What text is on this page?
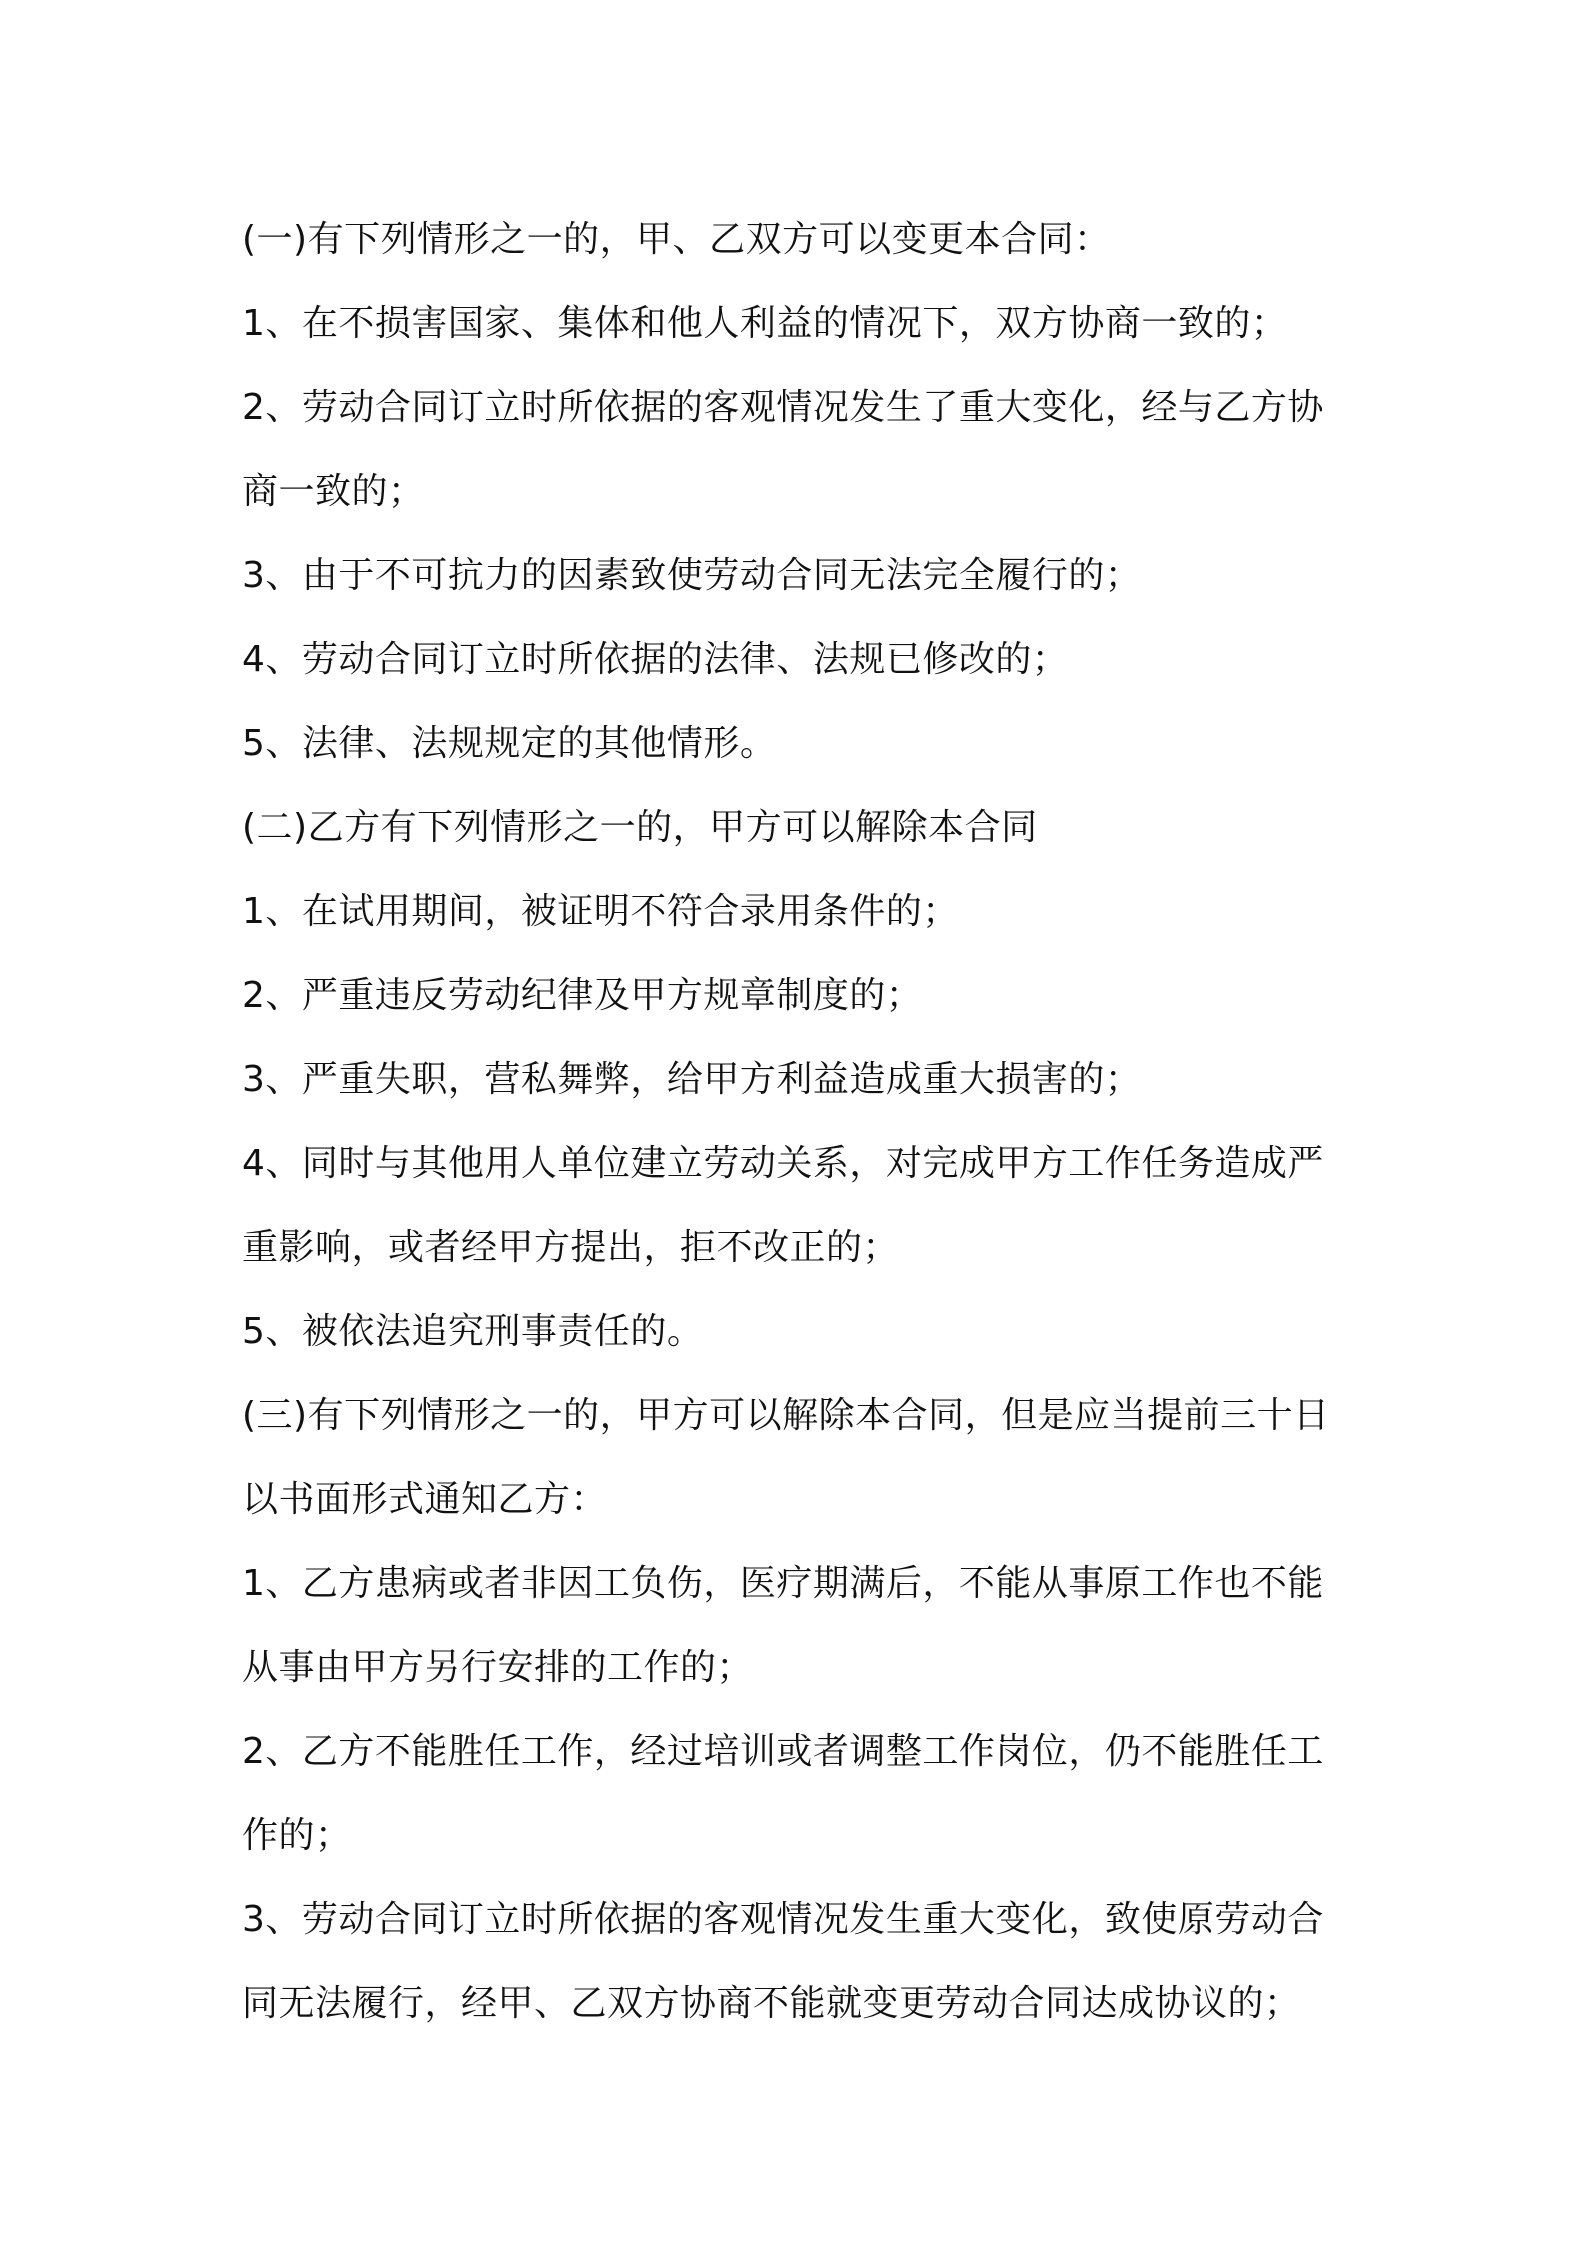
(一)有下列情形之一的，甲、乙双方可以变更本合同：
1、在不损害国家、集体和他人利益的情况下，双方协商一致的；
2、劳动合同订立时所依据的客观情况发生了重大变化，经与乙方协
商一致的；
3、由于不可抗力的因素致使劳动合同无法完全履行的；
4、劳动合同订立时所依据的法律、法规已修改的；
5、法律、法规规定的其他情形。
(二)乙方有下列情形之一的，甲方可以解除本合同
1、在试用期间，被证明不符合录用条件的；
2、严重违反劳动纪律及甲方规章制度的；
3、严重失职，营私舞弊，给甲方利益造成重大损害的；
4、同时与其他用人单位建立劳动关系，对完成甲方工作任务造成严
重影响，或者经甲方提出，拒不改正的；
5、被依法追究刑事责任的。
(三)有下列情形之一的，甲方可以解除本合同，但是应当提前三十日
以书面形式通知乙方：
1、乙方患病或者非因工负伤，医疗期满后，不能从事原工作也不能
从事由甲方另行安排的工作的；
2、乙方不能胜任工作，经过培训或者调整工作岗位，仍不能胜任工
作的；
3、劳动合同订立时所依据的客观情况发生重大变化，致使原劳动合
同无法履行，经甲、乙双方协商不能就变更劳动合同达成协议的；
